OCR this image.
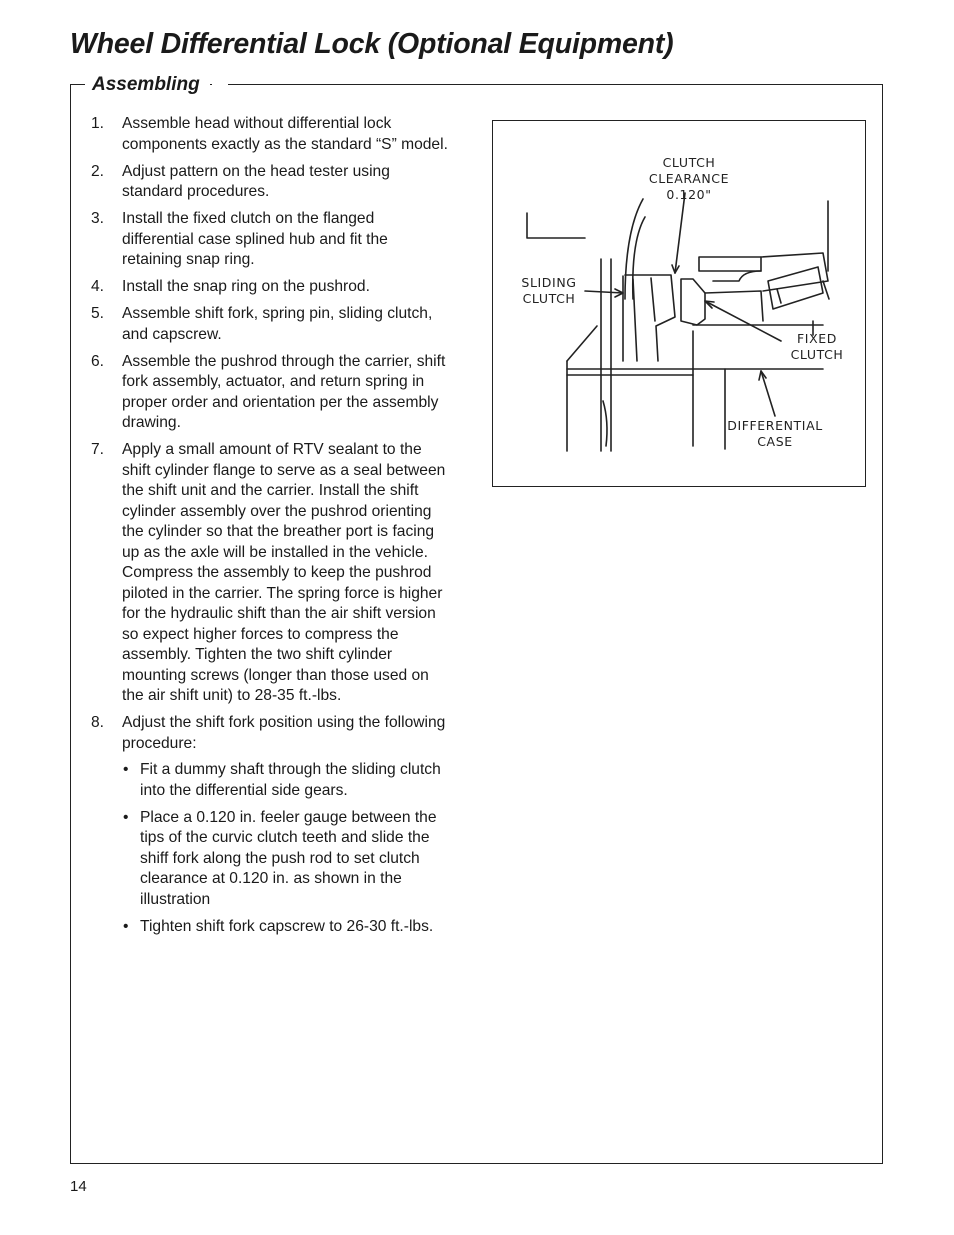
Wheel Differential Lock (Optional Equipment)
Assembling
1. Assemble head without differential lock components exactly as the standard “S” model.
2. Adjust pattern on the head tester using standard procedures.
3. Install the fixed clutch on the flanged differential case splined hub and fit the retaining snap ring.
4. Install the snap ring on the pushrod.
5. Assemble shift fork, spring pin, sliding clutch, and capscrew.
6. Assemble the pushrod through the carrier, shift fork assembly, actuator, and return spring in proper order and orientation per the assembly drawing.
7. Apply a small amount of RTV sealant to the shift cylinder flange to serve as a seal between the shift unit and the carrier. Install the shift cylinder assembly over the pushrod orienting the cylinder so that the breather port is facing up as the axle will be installed in the vehicle. Compress the assembly to keep the pushrod piloted in the carrier. The spring force is higher for the hydraulic shift than the air shift version so expect higher forces to compress the assembly. Tighten the two shift cylinder mounting screws (longer than those used on the air shift unit) to 28-35 ft.-lbs.
8. Adjust the shift fork position using the following procedure:
• Fit a dummy shaft through the sliding clutch into the differential side gears.
• Place a 0.120 in. feeler gauge between the tips of the curvic clutch teeth and slide the shiff fork along the push rod to set clutch clearance at 0.120 in. as shown in the illustration
• Tighten shift fork capscrew to 26-30 ft.-lbs.
CLUTCH
CLEARANCE
0.120"
SLIDING
CLUTCH
FIXED
CLUTCH
DIFFERENTIAL
CASE
14
